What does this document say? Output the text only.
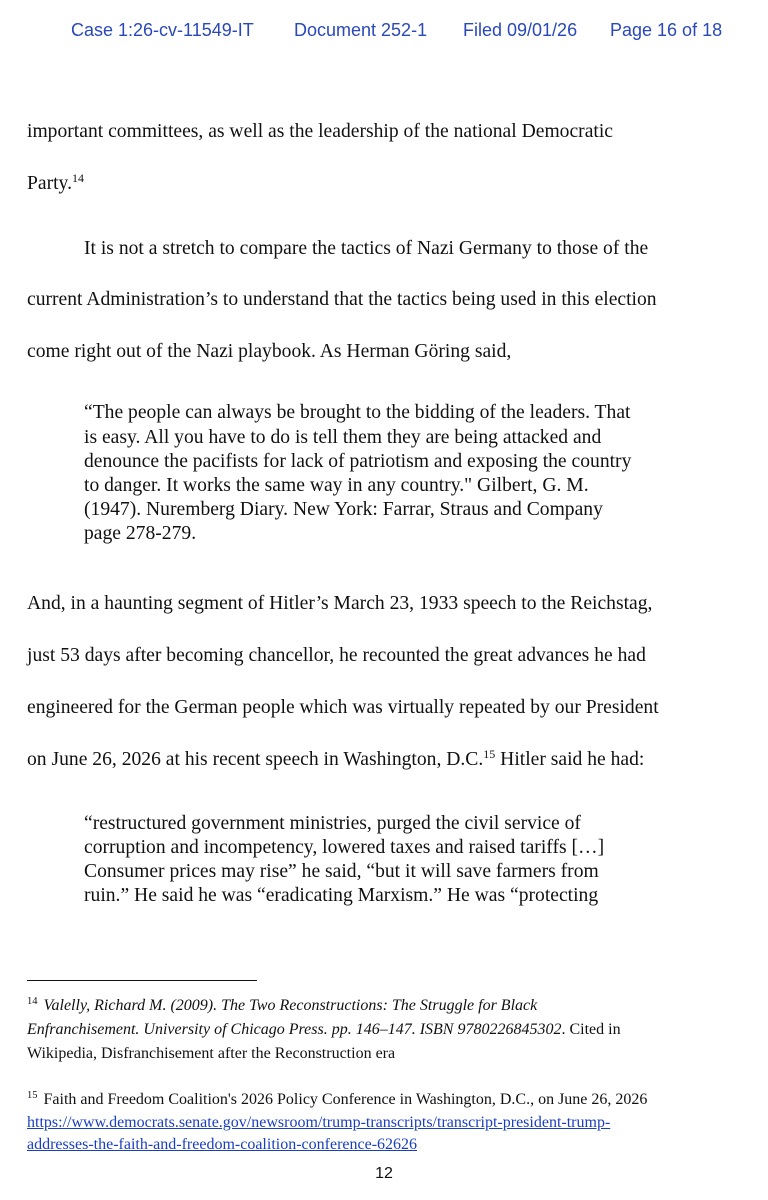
Case 1:26-cv-11549-IT Document 252-1 Filed 09/01/26 Page 16 of 18
important committees, as well as the leadership of the national Democratic
Party.$^{14}$
It is not a stretch to compare the tactics of Nazi Germany to those of the
current Administration’s to understand that the tactics being used in this election
come right out of the Nazi playbook. As Herman Göring said,
“The people can always be brought to the bidding of the leaders. That
is easy. All you have to do is tell them they are being attacked and
denounce the pacifists for lack of patriotism and exposing the country
to danger. It works the same way in any country." Gilbert, G. M.
(1947). Nuremberg Diary. New York: Farrar, Straus and Company
page 278-279.
And, in a haunting segment of Hitler’s March 23, 1933 speech to the Reichstag,
just 53 days after becoming chancellor, he recounted the great advances he had
engineered for the German people which was virtually repeated by our President
on June 26, 2026 at his recent speech in Washington, D.C.$^{15}$ Hitler said he had:
“restructured government ministries, purged the civil service of
corruption and incompetency, lowered taxes and raised tariffs […]
Consumer prices may rise” he said, “but it will save farmers from
ruin.” He said he was “eradicating Marxism.” He was “protecting
$^{14}$ Valelly, Richard M. (2009). The Two Reconstructions: The Struggle for Black
Enfranchisement. University of Chicago Press. pp. 146–147. ISBN 9780226845302. Cited in
Wikipedia, Disfranchisement after the Reconstruction era
$^{15}$ Faith and Freedom Coalition's 2026 Policy Conference in Washington, D.C., on June 26, 2026
https://www.democrats.senate.gov/newsroom/trump-transcripts/transcript-president-trump-
addresses-the-faith-and-freedom-coalition-conference-62626
12
